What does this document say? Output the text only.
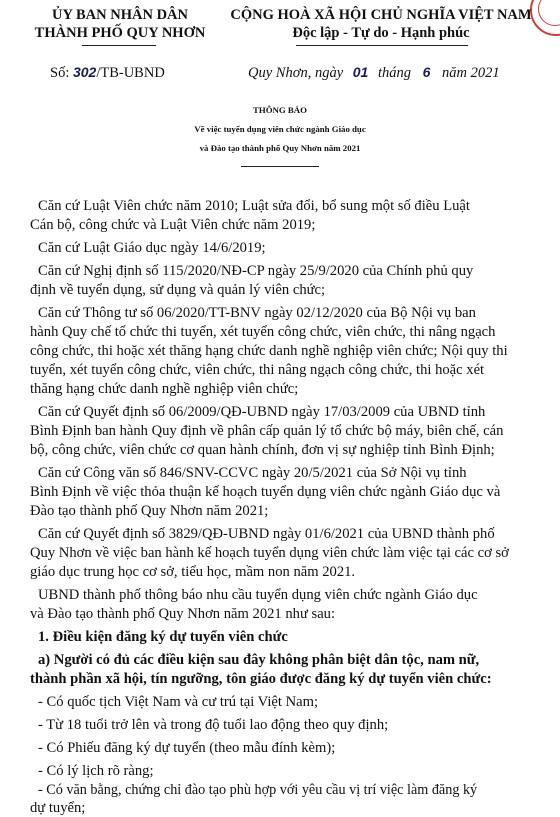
ỦY BAN NHÂN DÂN
THÀNH PHỐ QUY NHƠN
CỘNG HOÀ XÃ HỘI CHỦ NGHĨA VIỆT NAM
Độc lập - Tự do - Hạnh phúc
Số: 302/TB-UBND	Quy Nhơn, ngày 01 tháng 6 năm 2021
THÔNG BÁO
Về việc tuyển dụng viên chức ngành Giáo dục
và Đào tạo thành phố Quy Nhơn năm 2021
Căn cứ Luật Viên chức năm 2010; Luật sửa đổi, bổ sung một số điều Luật
Cán bộ, công chức và Luật Viên chức năm 2019;
Căn cứ Luật Giáo dục ngày 14/6/2019;
Căn cứ Nghị định số 115/2020/NĐ-CP ngày 25/9/2020 của Chính phủ quy
định về tuyển dụng, sử dụng và quản lý viên chức;
Căn cứ Thông tư số 06/2020/TT-BNV ngày 02/12/2020 của Bộ Nội vụ ban
hành Quy chế tổ chức thi tuyển, xét tuyển công chức, viên chức, thi nâng ngạch
công chức, thi hoặc xét thăng hạng chức danh nghề nghiệp viên chức; Nội quy thi
tuyển, xét tuyển công chức, viên chức, thi nâng ngạch công chức, thi hoặc xét
thăng hạng chức danh nghề nghiệp viên chức;
Căn cứ Quyết định số 06/2009/QĐ-UBND ngày 17/03/2009 của UBND tỉnh
Bình Định ban hành Quy định về phân cấp quản lý tổ chức bộ máy, biên chế, cán
bộ, công chức, viên chức cơ quan hành chính, đơn vị sự nghiệp tỉnh Bình Định;
Căn cứ Công văn số 846/SNV-CCVC ngày 20/5/2021 của Sở Nội vụ tỉnh
Bình Định về việc thỏa thuận kế hoạch tuyển dụng viên chức ngành Giáo dục và
Đào tạo thành phố Quy Nhơn năm 2021;
Căn cứ Quyết định số 3829/QĐ-UBND ngày 01/6/2021 của UBND thành phố
Quy Nhơn về việc ban hành kế hoạch tuyển dụng viên chức làm việc tại các cơ sở
giáo dục trung học cơ sở, tiểu học, mầm non năm 2021.
UBND thành phố thông báo nhu cầu tuyển dụng viên chức ngành Giáo dục
và Đào tạo thành phố Quy Nhơn năm 2021 như sau:
1. Điều kiện đăng ký dự tuyển viên chức
a) Người có đủ các điều kiện sau đây không phân biệt dân tộc, nam nữ,
thành phần xã hội, tín ngưỡng, tôn giáo được đăng ký dự tuyển viên chức:
- Có quốc tịch Việt Nam và cư trú tại Việt Nam;
- Từ 18 tuổi trở lên và trong độ tuổi lao động theo quy định;
- Có Phiếu đăng ký dự tuyển (theo mẫu đính kèm);
- Có lý lịch rõ ràng;
- Có văn bằng, chứng chỉ đào tạo phù hợp với yêu cầu vị trí việc làm đăng ký
dự tuyển;
